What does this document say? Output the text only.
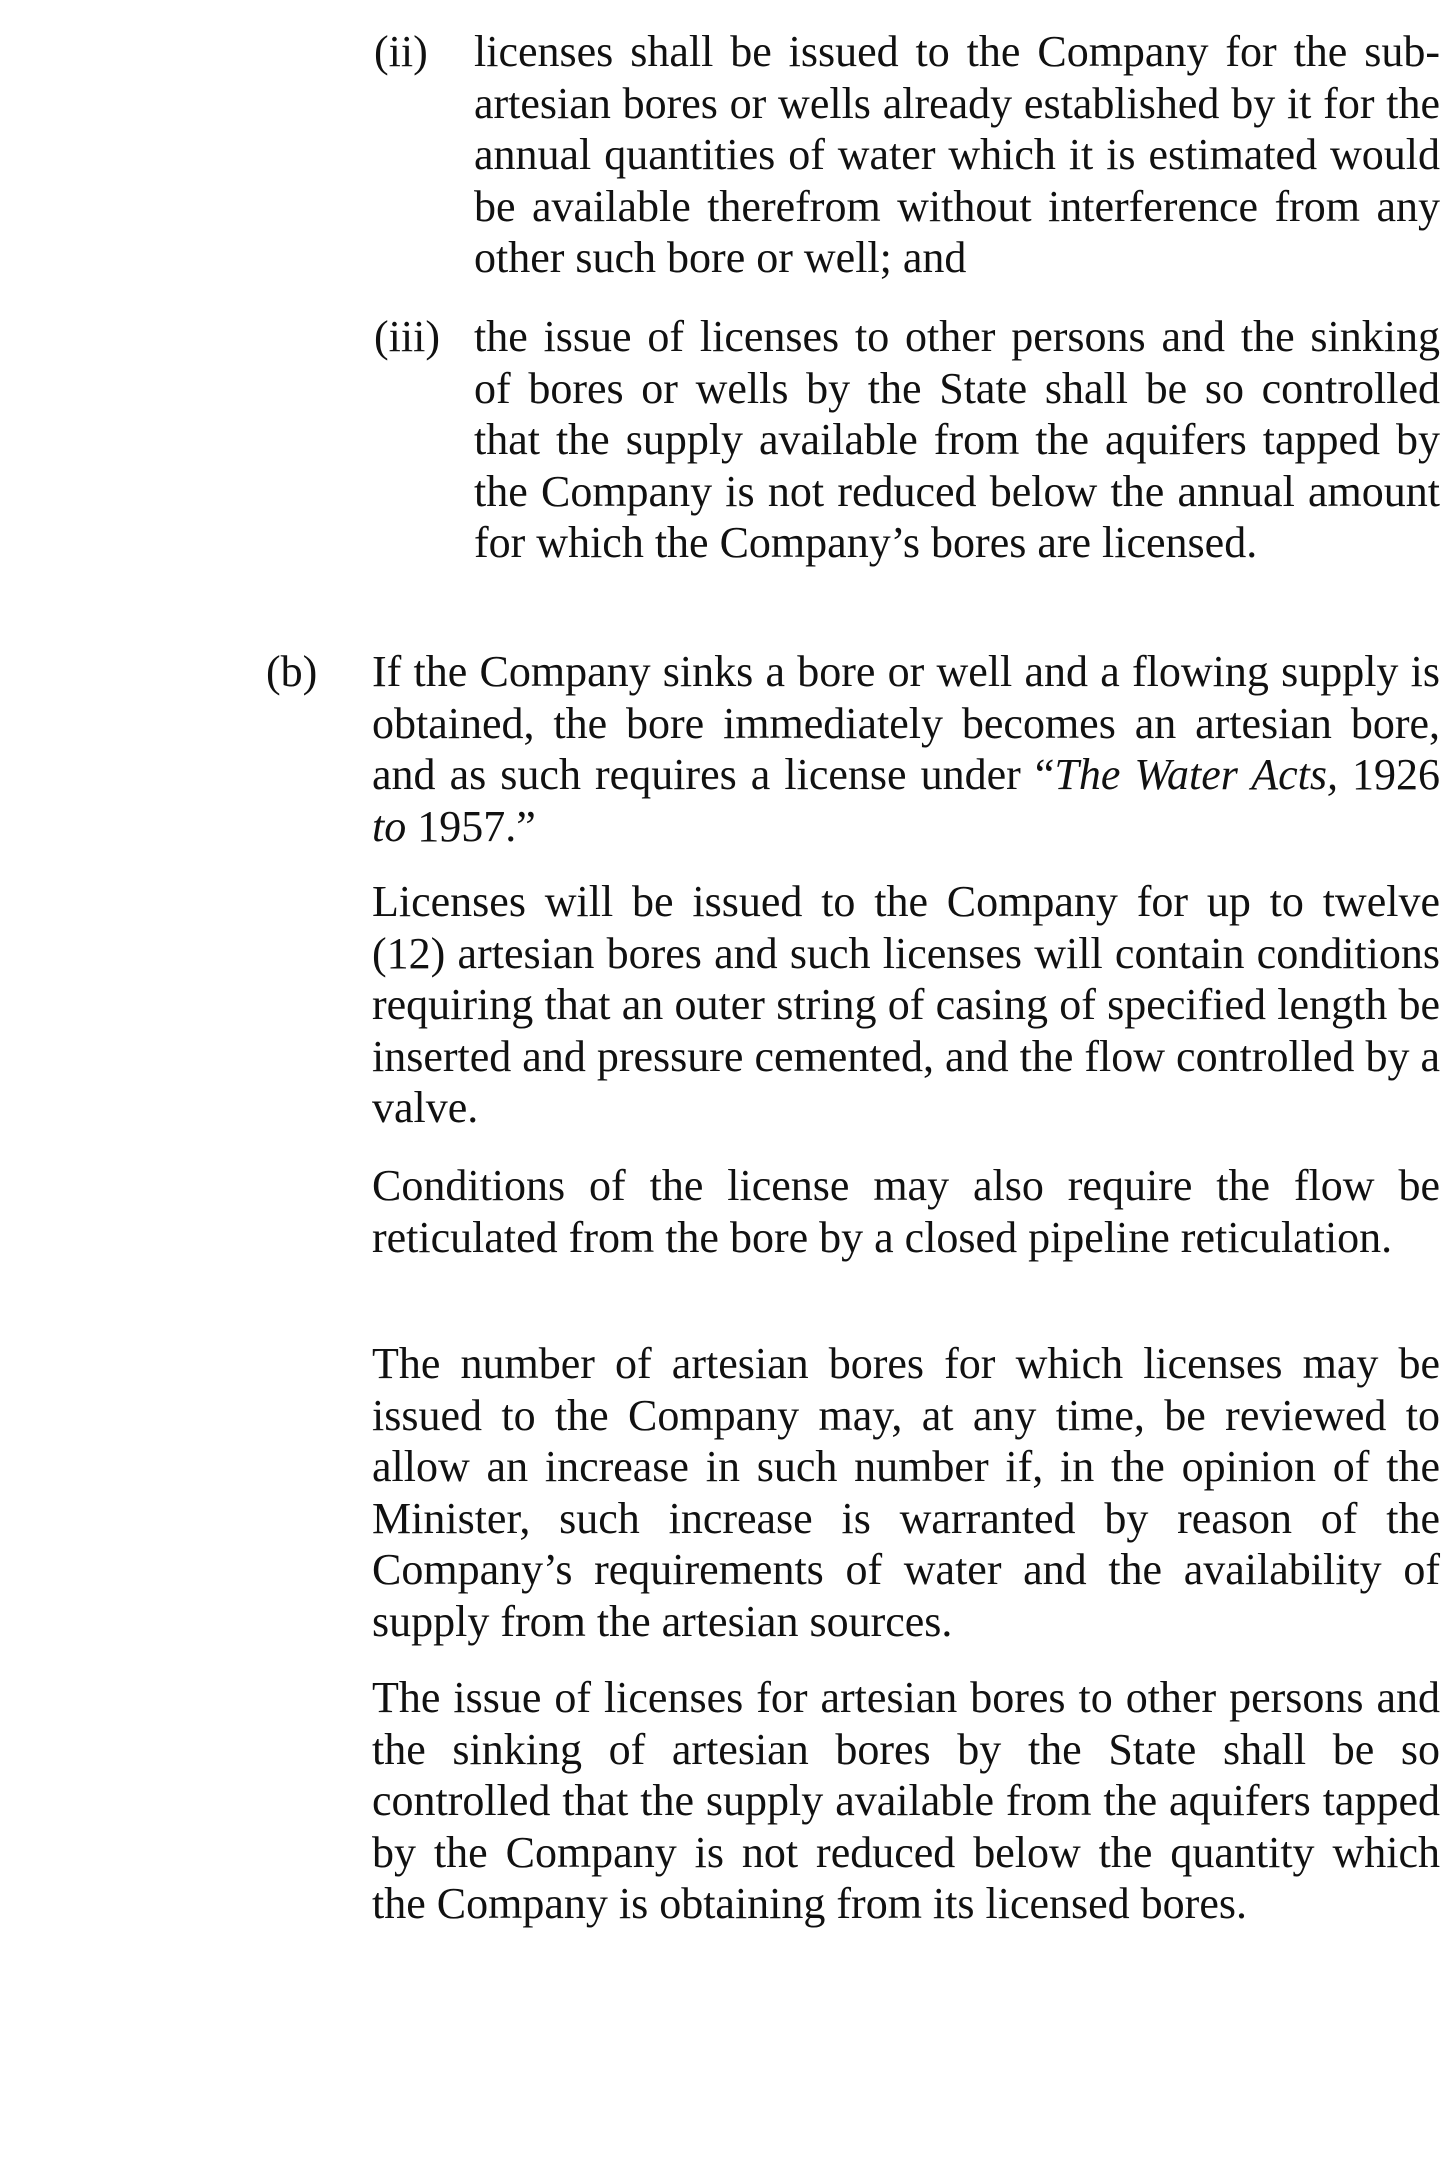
(ii) licenses shall be issued to the Company for the sub-artesian bores or wells already established by it for the annual quantities of water which it is estimated would be available therefrom without interference from any other such bore or well; and

(iii) the issue of licenses to other persons and the sinking of bores or wells by the State shall be so controlled that the supply available from the aquifers tapped by the Company is not reduced below the annual amount for which the Company’s bores are licensed.

(b) If the Company sinks a bore or well and a flowing supply is obtained, the bore immediately becomes an artesian bore, and as such requires a license under “The Water Acts, 1926 to 1957.”

Licenses will be issued to the Company for up to twelve (12) artesian bores and such licenses will contain conditions requiring that an outer string of casing of specified length be inserted and pressure cemented, and the flow controlled by a valve.

Conditions of the license may also require the flow be reticulated from the bore by a closed pipeline reticulation.

The number of artesian bores for which licenses may be issued to the Company may, at any time, be reviewed to allow an increase in such number if, in the opinion of the Minister, such increase is warranted by reason of the Company’s requirements of water and the availability of supply from the artesian sources.

The issue of licenses for artesian bores to other persons and the sinking of artesian bores by the State shall be so controlled that the supply available from the aquifers tapped by the Company is not reduced below the quantity which the Company is obtaining from its licensed bores.
